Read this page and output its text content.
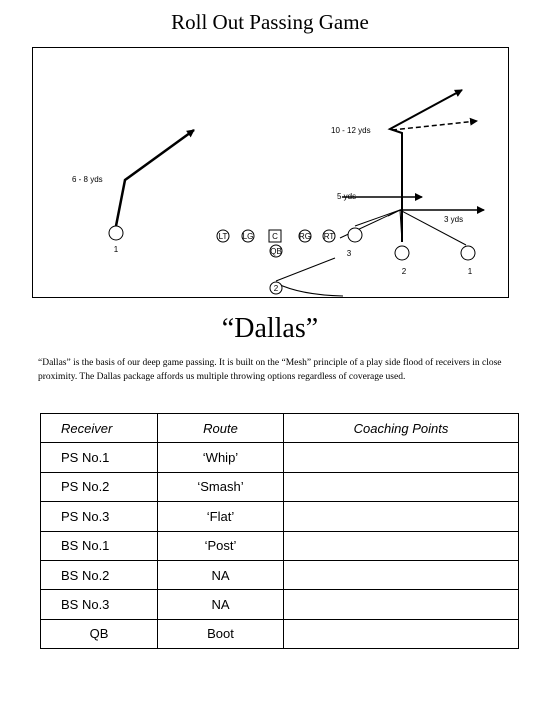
Roll Out Passing Game
10 - 12 yds
6 - 8 yds
5 yds
3 yds
LT LG C	RG RT
QB
1	3
2	1
2
“Dallas”
“Dallas” is the basis of our deep game passing. It is built on the “Mesh” principle of a play side flood of receivers in close proximity. The Dallas package affords us multiple throwing options regardless of coverage used.
Receiver	Route	Coaching Points
PS No.1	‘Whip’	
PS No.2	‘Smash’	
PS No.3	‘Flat’	
BS No.1	‘Post’	
BS No.2	NA	
BS No.3	NA	
QB	Boot	
